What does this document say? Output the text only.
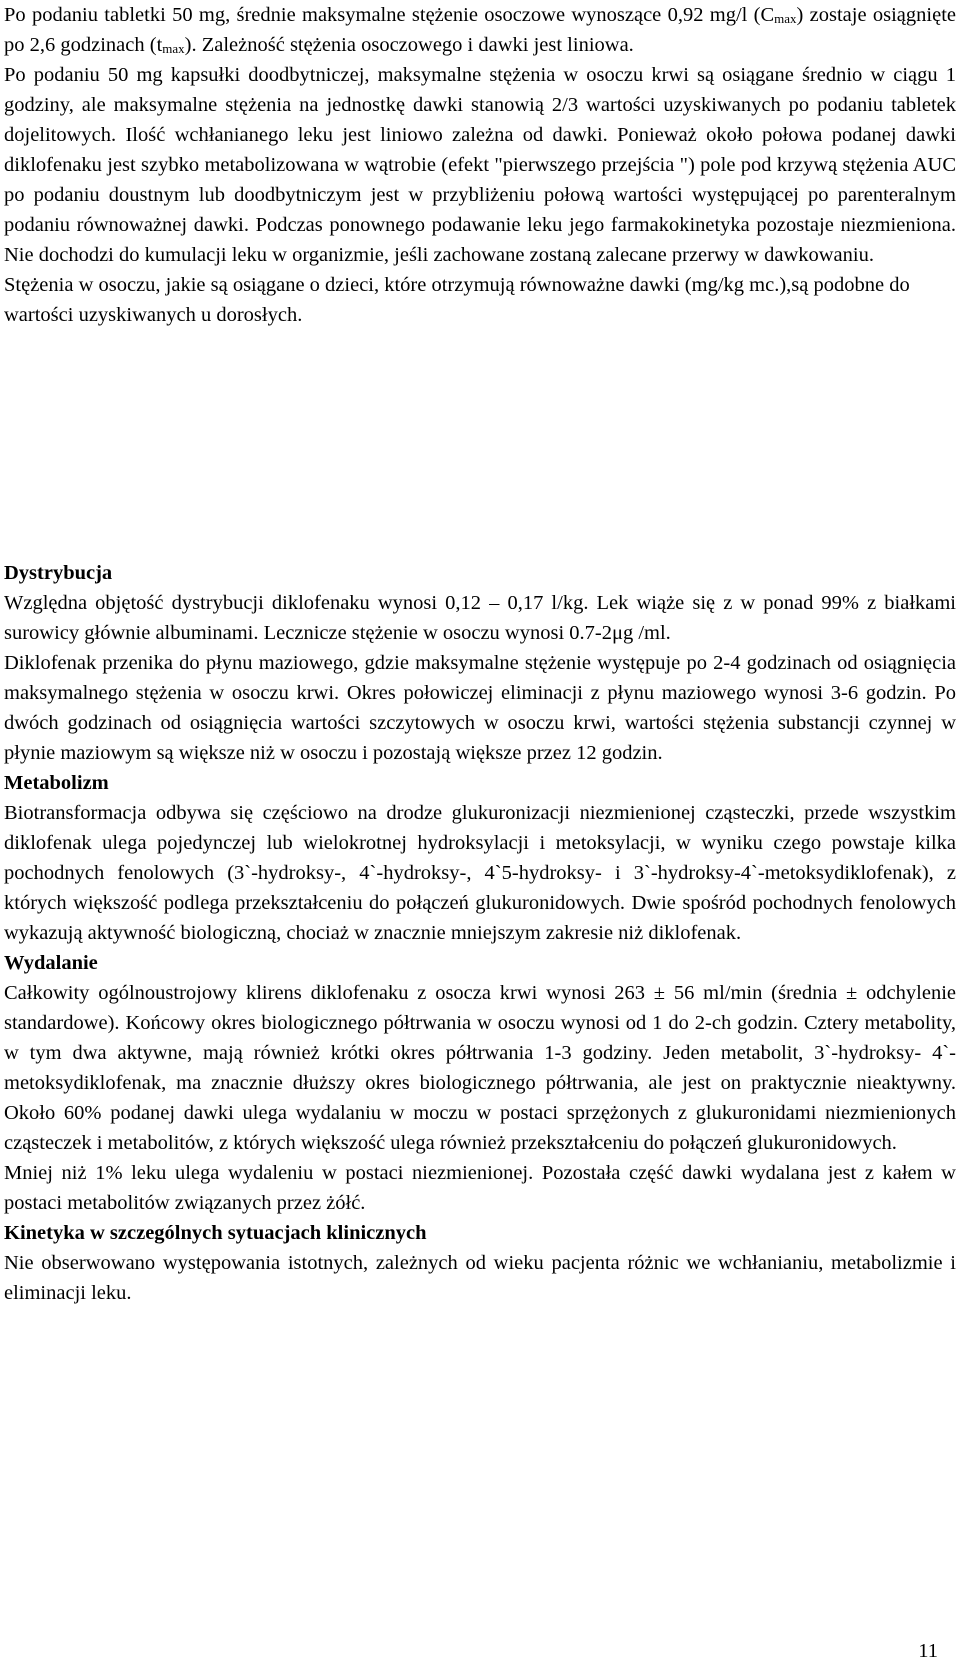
Po podaniu tabletki 50 mg, średnie maksymalne stężenie osoczowe wynoszące 0,92 mg/l $(C_{max})$ zostaje osiągnięte po 2,6 godzinach $(t_{max})$. Zależność stężenia osoczowego i dawki jest liniowa.
Po podaniu 50 mg kapsułki doodbytniczej, maksymalne stężenia w osoczu krwi są osiągane średnio w ciągu 1 godziny, ale maksymalne stężenia na jednostkę dawki stanowią 2/3 wartości uzyskiwanych po podaniu tabletek dojelitowych. Ilość wchłanianego leku jest liniowo zależna od dawki. Ponieważ około połowa podanej dawki diklofenaku jest szybko metabolizowana w wątrobie (efekt "pierwszego przejścia ") pole pod krzywą stężenia AUC po podaniu doustnym lub doodbytniczym jest w przybliżeniu połową wartości występującej po parenteralnym podaniu równoważnej dawki. Podczas ponownego podawanie leku jego farmakokinetyka pozostaje niezmieniona. Nie dochodzi do kumulacji leku w organizmie, jeśli zachowane zostaną zalecane przerwy w dawkowaniu.
Stężenia w osoczu, jakie są osiągane o dzieci, które otrzymują równoważne dawki (mg/kg mc.),są podobne do wartości uzyskiwanych u dorosłych.
Dystrybucja
Względna objętość dystrybucji diklofenaku wynosi 0,12 – 0,17 l/kg. Lek wiąże się z w ponad 99% z białkami surowicy głównie albuminami. Lecznicze stężenie w osoczu wynosi 0.7-2μg /ml.
Diklofenak przenika do płynu maziowego, gdzie maksymalne stężenie występuje po 2-4 godzinach od osiągnięcia maksymalnego stężenia w osoczu krwi. Okres połowiczej eliminacji z płynu maziowego wynosi 3-6 godzin. Po dwóch godzinach od osiągnięcia wartości szczytowych w osoczu krwi, wartości stężenia substancji czynnej w płynie maziowym są większe niż w osoczu i pozostają większe przez 12 godzin.
Metabolizm
Biotransformacja odbywa się częściowo na drodze glukuronizacji niezmienionej cząsteczki, przede wszystkim diklofenak ulega pojedynczej lub wielokrotnej hydroksylacji i metoksylacji, w wyniku czego powstaje kilka pochodnych fenolowych (3`-hydroksy-, 4`-hydroksy-, 4`5-hydroksy- i 3`-hydroksy-4`-metoksydiklofenak), z których większość podlega przekształceniu do połączeń glukuronidowych. Dwie spośród pochodnych fenolowych wykazują aktywność biologiczną, chociaż w znacznie mniejszym zakresie niż diklofenak.
Wydalanie
Całkowity ogólnoustrojowy klirens diklofenaku z osocza krwi wynosi 263 ± 56 ml/min (średnia ± odchylenie standardowe). Końcowy okres biologicznego półtrwania w osoczu wynosi od 1 do 2-ch godzin. Cztery metabolity, w tym dwa aktywne, mają również krótki okres półtrwania 1-3 godziny. Jeden metabolit, 3`-hydroksy- 4`-metoksydiklofenak, ma znacznie dłuższy okres biologicznego półtrwania, ale jest on praktycznie nieaktywny. Około 60% podanej dawki ulega wydalaniu w moczu w postaci sprzężonych z glukuronidami niezmienionych cząsteczek i metabolitów, z których większość ulega również przekształceniu do połączeń glukuronidowych.
Mniej niż 1% leku ulega wydaleniu w postaci niezmienionej. Pozostała część dawki wydalana jest z kałem w postaci metabolitów związanych przez żółć.
Kinetyka w szczególnych sytuacjach klinicznych
Nie obserwowano występowania istotnych, zależnych od wieku pacjenta różnic we wchłanianiu, metabolizmie i eliminacji leku.
11
